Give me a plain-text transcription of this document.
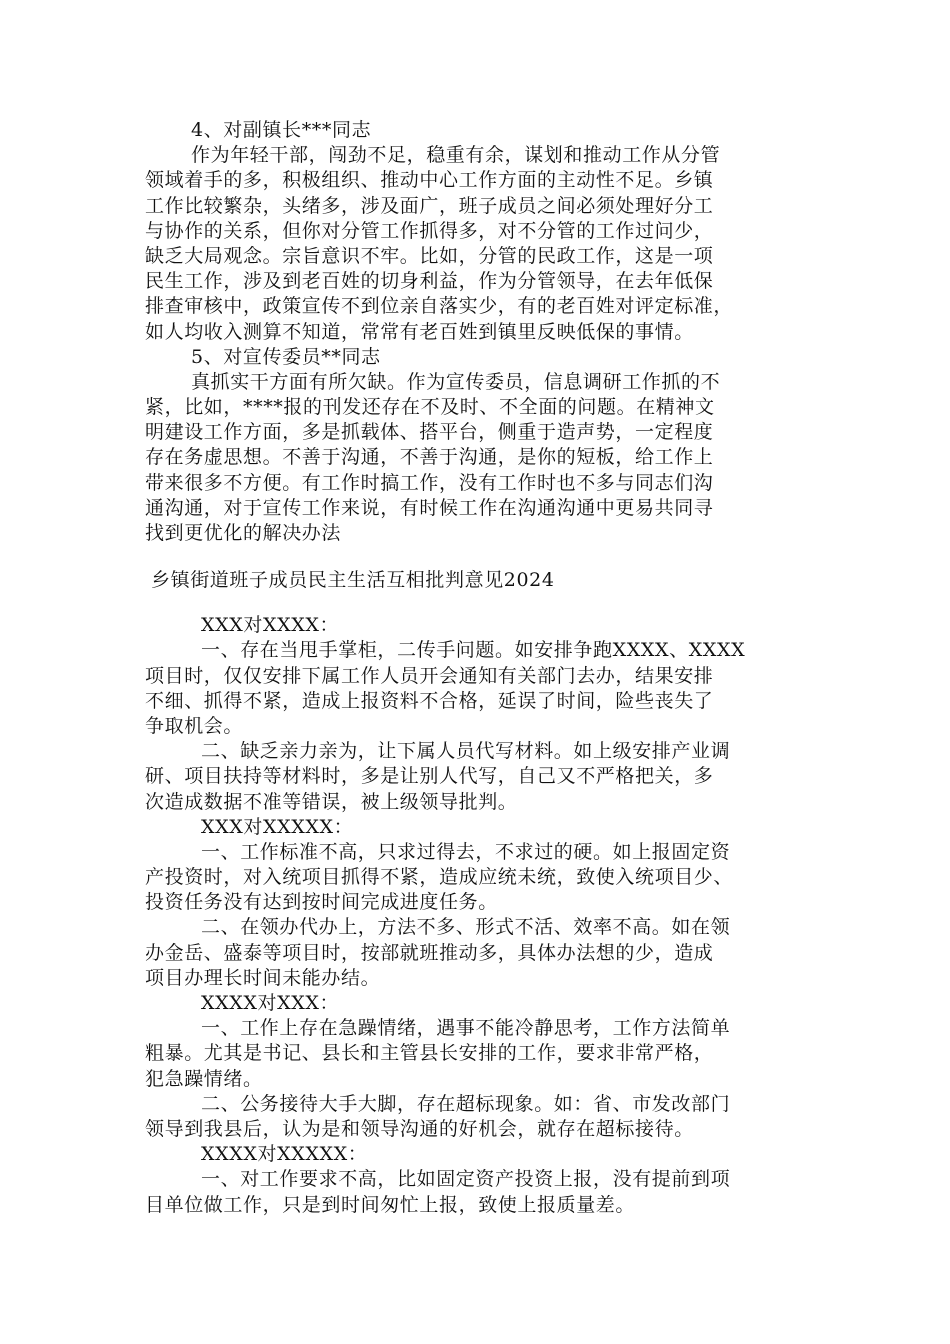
4、对副镇长***同志
作为年轻干部，闯劲不足，稳重有余，谋划和推动工作从分管
领域着手的多，积极组织、推动中心工作方面的主动性不足。乡镇
工作比较繁杂，头绪多，涉及面广，班子成员之间必须处理好分工
与协作的关系，但你对分管工作抓得多，对不分管的工作过问少，
缺乏大局观念。宗旨意识不牢。比如，分管的民政工作，这是一项
民生工作，涉及到老百姓的切身利益，作为分管领导，在去年低保
排查审核中，政策宣传不到位亲自落实少，有的老百姓对评定标准，
如人均收入测算不知道，常常有老百姓到镇里反映低保的事情。
5、对宣传委员**同志
真抓实干方面有所欠缺。作为宣传委员，信息调研工作抓的不
紧，比如，****报的刊发还存在不及时、不全面的问题。在精神文
明建设工作方面，多是抓载体、搭平台，侧重于造声势，一定程度
存在务虚思想。不善于沟通，不善于沟通，是你的短板，给工作上
带来很多不方便。有工作时搞工作，没有工作时也不多与同志们沟
通沟通，对于宣传工作来说，有时候工作在沟通沟通中更易共同寻
找到更优化的解决办法
乡镇街道班子成员民主生活互相批判意见2024
XXX对XXXX：
一、存在当甩手掌柜，二传手问题。如安排争跑XXXX、XXXX
项目时，仅仅安排下属工作人员开会通知有关部门去办，结果安排
不细、抓得不紧，造成上报资料不合格，延误了时间，险些丧失了
争取机会。
二、缺乏亲力亲为，让下属人员代写材料。如上级安排产业调
研、项目扶持等材料时，多是让别人代写，自己又不严格把关，多
次造成数据不准等错误，被上级领导批判。
XXX对XXXXX：
一、工作标准不高，只求过得去，不求过的硬。如上报固定资
产投资时，对入统项目抓得不紧，造成应统未统，致使入统项目少、
投资任务没有达到按时间完成进度任务。
二、在领办代办上，方法不多、形式不活、效率不高。如在领
办金岳、盛泰等项目时，按部就班推动多，具体办法想的少，造成
项目办理长时间未能办结。
XXXX对XXX：
一、工作上存在急躁情绪，遇事不能冷静思考，工作方法简单
粗暴。尤其是书记、县长和主管县长安排的工作，要求非常严格，
犯急躁情绪。
二、公务接待大手大脚，存在超标现象。如：省、市发改部门
领导到我县后，认为是和领导沟通的好机会，就存在超标接待。
XXXX对XXXXX：
一、对工作要求不高，比如固定资产投资上报，没有提前到项
目单位做工作，只是到时间匆忙上报，致使上报质量差。
